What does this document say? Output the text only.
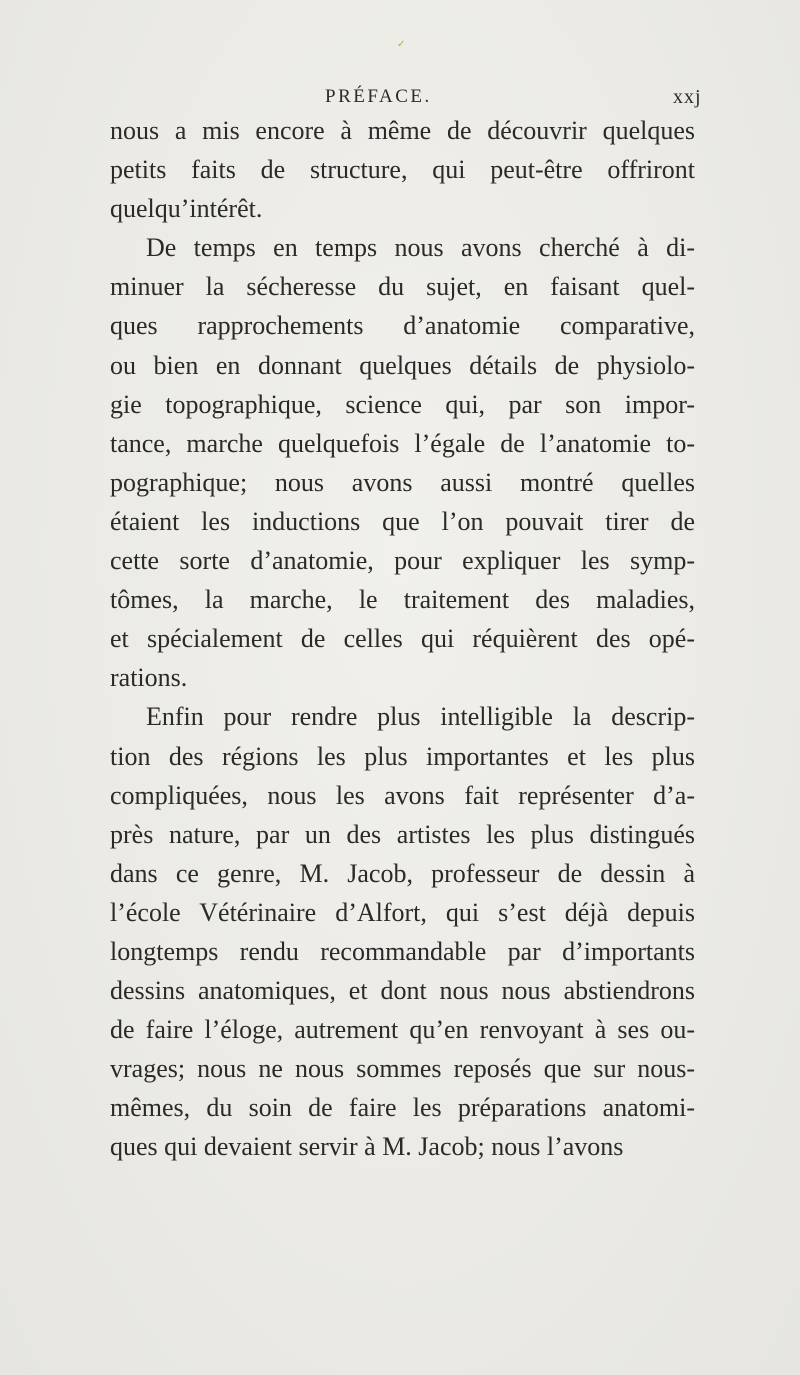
✓
PRÉFACE.	xxj
nous a mis encore à même de découvrir quelques
petits faits de structure, qui peut-être offriront
quelqu’intérêt.
De temps en temps nous avons cherché à di-
minuer la sécheresse du sujet, en faisant quel-
ques rapprochements d’anatomie comparative,
ou bien en donnant quelques détails de physiolo-
gie topographique, science qui, par son impor-
tance, marche quelquefois l’égale de l’anatomie to-
pographique; nous avons aussi montré quelles
étaient les inductions que l’on pouvait tirer de
cette sorte d’anatomie, pour expliquer les symp-
tômes, la marche, le traitement des maladies,
et spécialement de celles qui réquièrent des opé-
rations.
Enfin pour rendre plus intelligible la descrip-
tion des régions les plus importantes et les plus
compliquées, nous les avons fait représenter d’a-
près nature, par un des artistes les plus distingués
dans ce genre, M. Jacob, professeur de dessin à
l’école Vétérinaire d’Alfort, qui s’est déjà depuis
longtemps rendu recommandable par d’importants
dessins anatomiques, et dont nous nous abstiendrons
de faire l’éloge, autrement qu’en renvoyant à ses ou-
vrages; nous ne nous sommes reposés que sur nous-
mêmes, du soin de faire les préparations anatomi-
ques qui devaient servir à M. Jacob; nous l’avons
